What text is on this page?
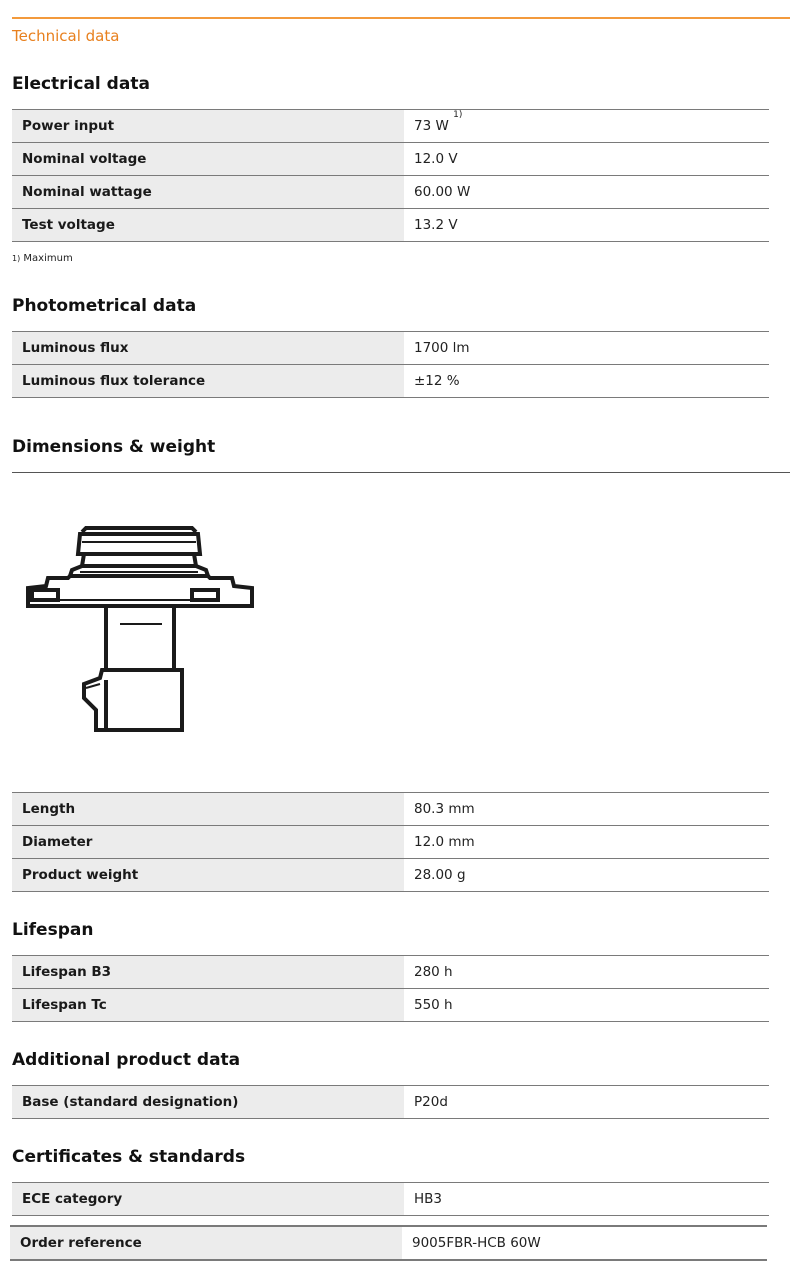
Technical data
Electrical data
Power input	73 W $^{1)}$
Nominal voltage	12.0 V
Nominal wattage	60.00 W
Test voltage	13.2 V
$^{1)}$ Maximum
Photometrical data
Luminous flux	1700 lm
Luminous flux tolerance	±12 %
Dimensions & weight
Length	80.3 mm
Diameter	12.0 mm
Product weight	28.00 g
Lifespan
Lifespan B3	280 h
Lifespan Tc	550 h
Additional product data
Base (standard designation)	P20d
Certificates & standards
ECE category	HB3
Order reference	9005FBR-HCB 60W
